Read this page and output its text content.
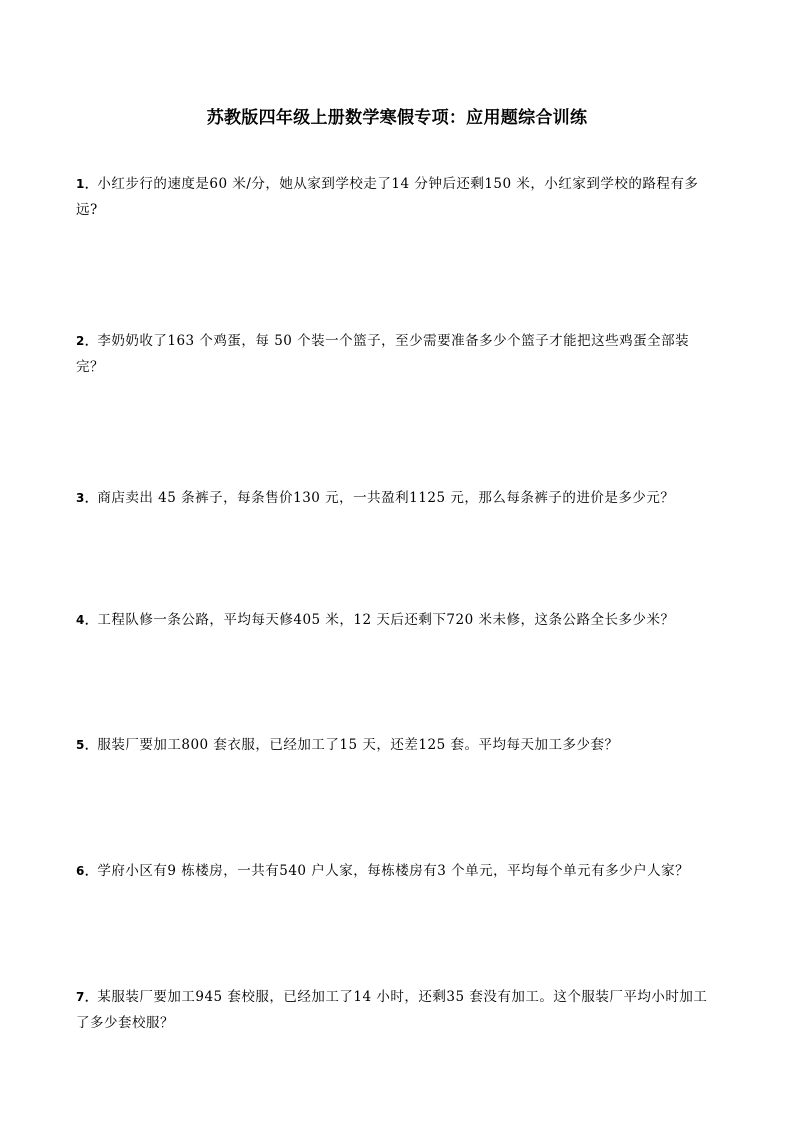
苏教版四年级上册数学寒假专项：应用题综合训练
1．小红步行的速度是60 米/分，她从家到学校走了14 分钟后还剩150 米，小红家到学校的路程有多远?
2．李奶奶收了163 个鸡蛋，每 50 个装一个篮子，至少需要准备多少个篮子才能把这些鸡蛋全部装完？
3．商店卖出 45 条裤子，每条售价130 元，一共盈利1125 元，那么每条裤子的进价是多少元？
4．工程队修一条公路，平均每天修405 米，12 天后还剩下720 米未修，这条公路全长多少米？
5．服装厂要加工800 套衣服，已经加工了15 天，还差125 套。平均每天加工多少套？
6．学府小区有9 栋楼房，一共有540 户人家，每栋楼房有3 个单元，平均每个单元有多少户人家？
7．某服装厂要加工945 套校服，已经加工了14 小时，还剩35 套没有加工。这个服装厂平均小时加工了多少套校服？
